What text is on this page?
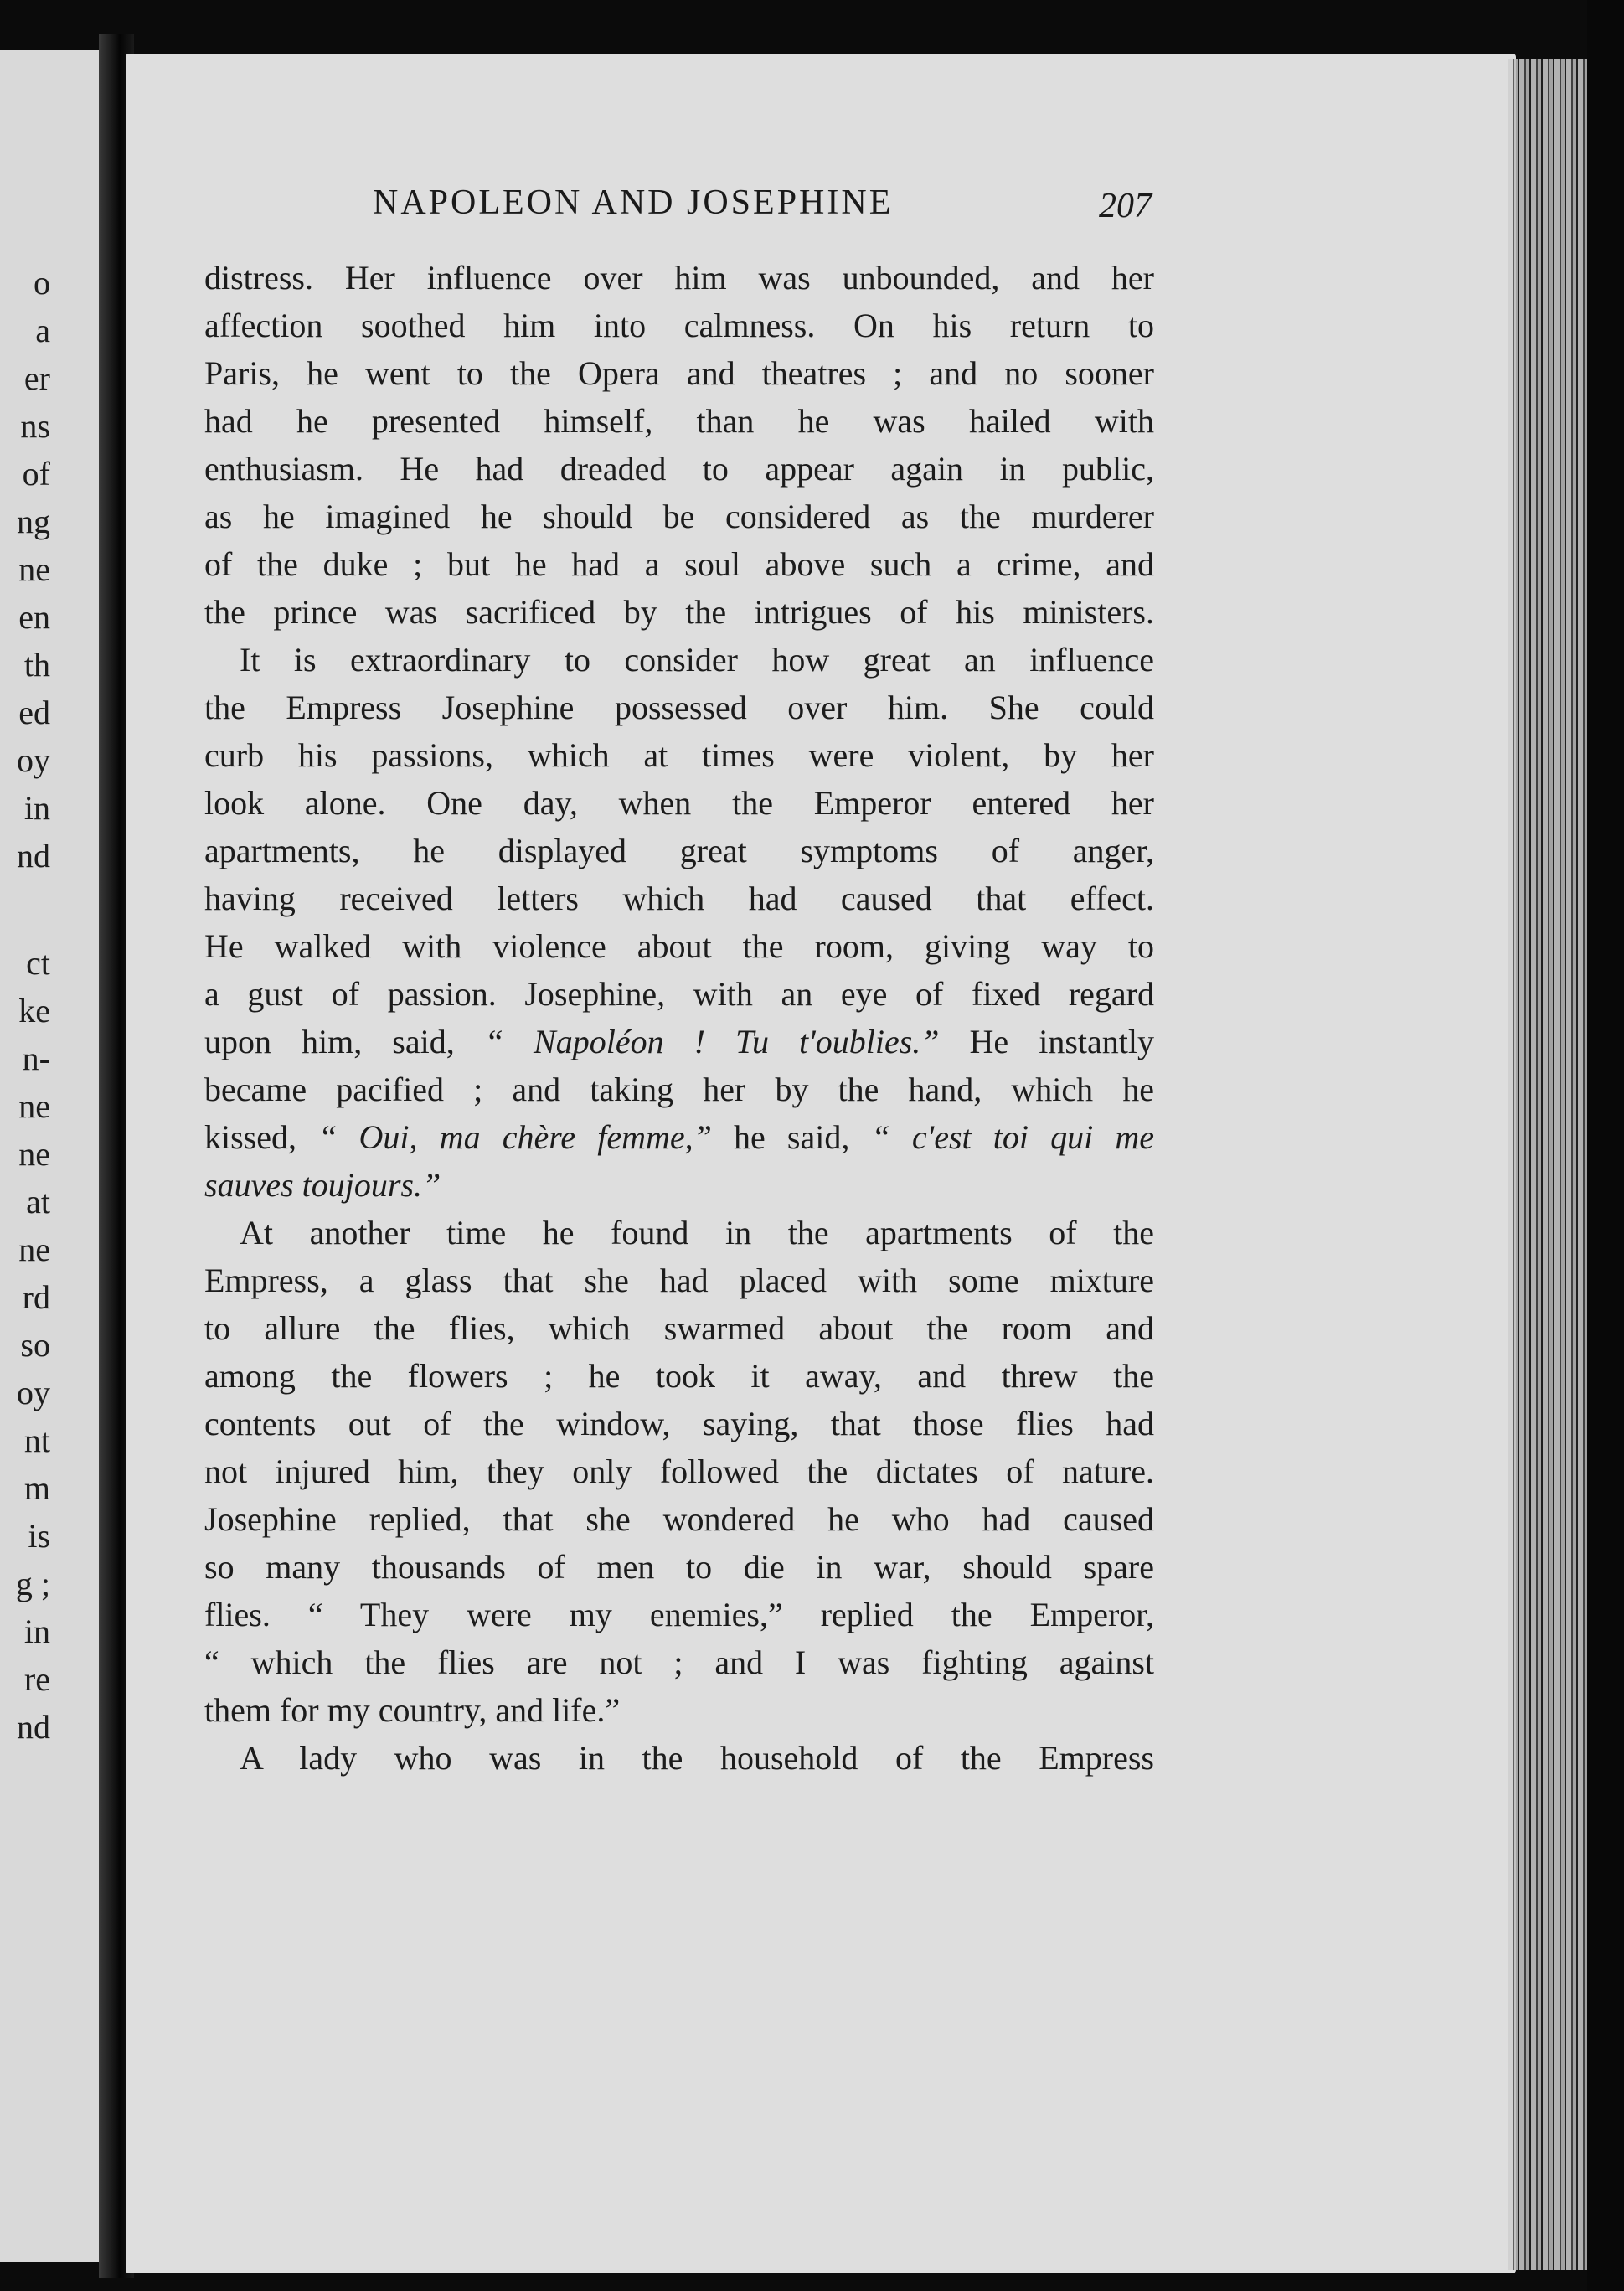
o
a
er
ns
of
ng
ne
en
th
ed
oy
in
nd
ct
ke
n-
ne
ne
at
ne
rd
so
oy
nt
m
is
g ;
in
re
nd
NAPOLEON AND JOSEPHINE	207
distress. Her influence over him was unbounded, and her
affection soothed him into calmness. On his return to
Paris, he went to the Opera and theatres ; and no sooner
had he presented himself, than he was hailed with
enthusiasm. He had dreaded to appear again in public,
as he imagined he should be considered as the murderer
of the duke ; but he had a soul above such a crime, and
the prince was sacrificed by the intrigues of his ministers.
It is extraordinary to consider how great an influence
the Empress Josephine possessed over him. She could
curb his passions, which at times were violent, by her
look alone. One day, when the Emperor entered her
apartments, he displayed great symptoms of anger,
having received letters which had caused that effect.
He walked with violence about the room, giving way to
a gust of passion. Josephine, with an eye of fixed regard
upon him, said, “ Napoléon ! Tu t'oublies.” He instantly
became pacified ; and taking her by the hand, which he
kissed, “ Oui, ma chère femme,” he said, “ c'est toi qui me
sauves toujours.”
At another time he found in the apartments of the
Empress, a glass that she had placed with some mixture
to allure the flies, which swarmed about the room and
among the flowers ; he took it away, and threw the
contents out of the window, saying, that those flies had
not injured him, they only followed the dictates of nature.
Josephine replied, that she wondered he who had caused
so many thousands of men to die in war, should spare
flies. “ They were my enemies,” replied the Emperor,
“ which the flies are not ; and I was fighting against
them for my country, and life.”
A lady who was in the household of the Empress
